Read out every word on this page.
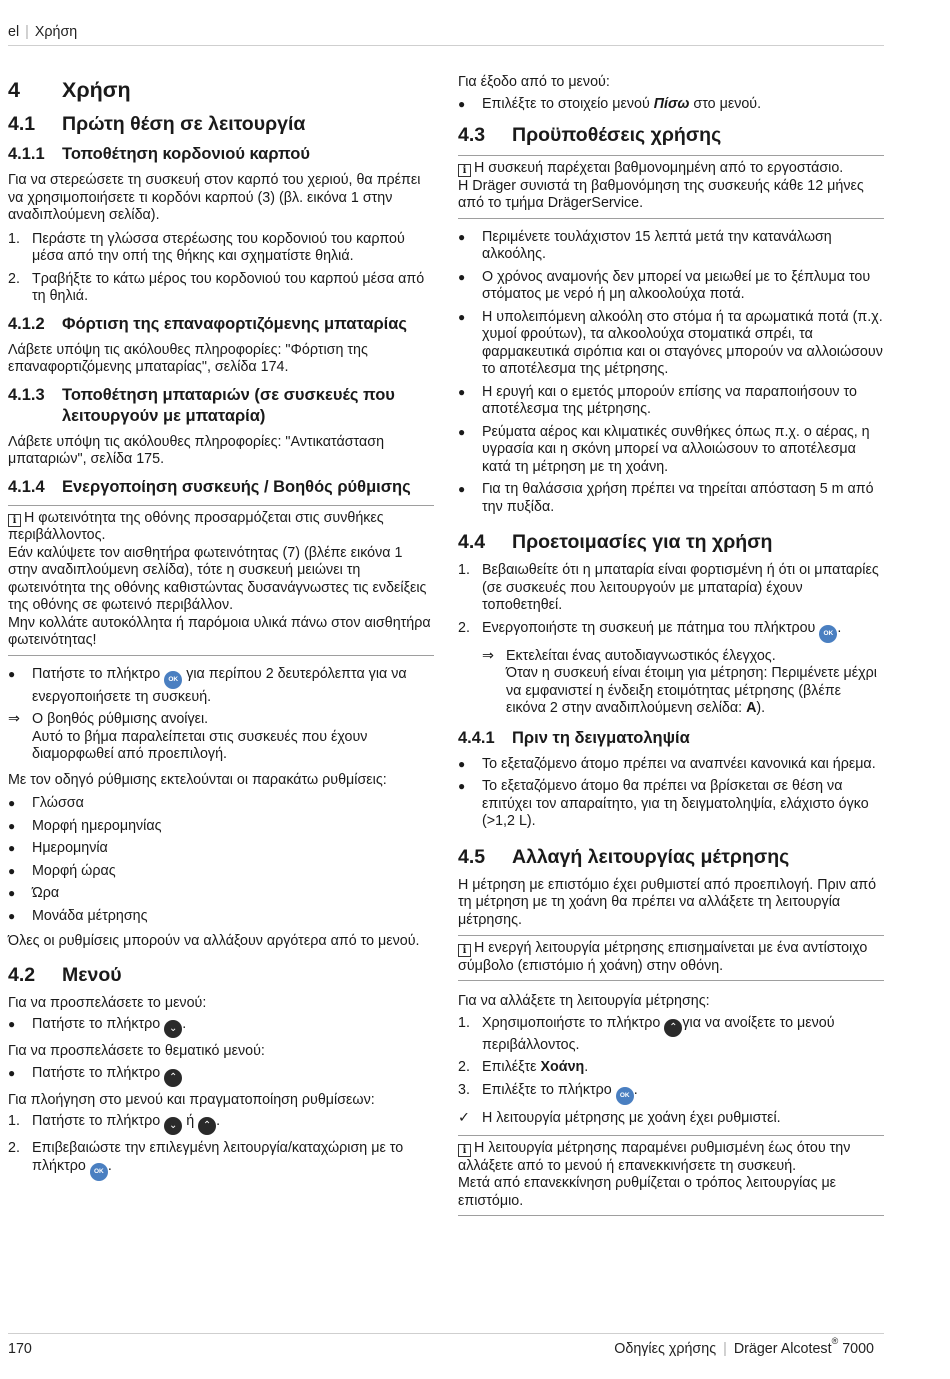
el | Χρήση
4	Χρήση
4.1	Πρώτη θέση σε λειτουργία
4.1.1	Τοποθέτηση κορδονιού καρπού

Για να στερεώσετε τη συσκευή στον καρπό του χεριού, θα πρέπει να χρησιμοποιήσετε τι κορδόνι καρπού (3) (βλ. εικόνα 1 στην αναδιπλούμενη σελίδα).

1. Περάστε τη γλώσσα στερέωσης του κορδονιού του καρπού μέσα από την οπή της θήκης και σχηματίστε θηλιά.
2. Τραβήξτε το κάτω μέρος του κορδονιού του καρπού μέσα από τη θηλιά.
4.1.2	Φόρτιση της επαναφορτιζόμενης μπαταρίας

Λάβετε υπόψη τις ακόλουθες πληροφορίες: "Φόρτιση της επαναφορτιζόμενης μπαταρίας", σελίδα 174.

4.1.3	Τοποθέτηση μπαταριών (σε συσκευές που λειτουργούν με μπαταρία)

Λάβετε υπόψη τις ακόλουθες πληροφορίες: "Αντικατάσταση μπαταριών", σελίδα 175.

4.1.4	Ενεργοποίηση συσκευής / Βοηθός ρύθμισης
i Η φωτεινότητα της οθόνης προσαρμόζεται στις συνθήκες περιβάλλοντος.
Εάν καλύψετε τον αισθητήρα φωτεινότητας (7) (βλέπε εικόνα 1 στην αναδιπλούμενη σελίδα), τότε η συσκευή μειώνει τη φωτεινότητα της οθόνης καθιστώντας δυσανάγνωστες τις ενδείξεις της οθόνης σε φωτεινό περιβάλλον.
Μην κολλάτε αυτοκόλλητα ή παρόμοια υλικά πάνω στον αισθητήρα φωτεινότητας!
●	Πατήστε το πλήκτρο OK για περίπου 2 δευτερόλεπτα για να ενεργοποιήσετε τη συσκευή.
⇒ Ο βοηθός ρύθμισης ανοίγει.
Αυτό το βήμα παραλείπεται στις συσκευές που έχουν διαμορφωθεί από προεπιλογή.

Με τον οδηγό ρύθμισης εκτελούνται οι παρακάτω ρυθμίσεις:

●	Γλώσσα
●	Μορφή ημερομηνίας
●	Ημερομηνία
●	Μορφή ώρας
●	Ώρα
●	Μονάδα μέτρησης

Όλες οι ρυθμίσεις μπορούν να αλλάξουν αργότερα από το μενού.

4.2	Μενού

Για να προσπελάσετε το μενού:

●	Πατήστε το πλήκτρο ⌄ .

Για να προσπελάσετε το θεματικό μενού:

●	Πατήστε το πλήκτρο ⌃

Για πλοήγηση στο μενού και πραγματοποίηση ρυθμίσεων:

1. Πατήστε το πλήκτρο ⌄ ή ⌃ .
2. Επιβεβαιώστε την επιλεγμένη λειτουργία/καταχώριση με το πλήκτρο OK .

Για έξοδο από το μενού:

●	Επιλέξτε το στοιχείο μενού Πίσω στο μενού.
4.3	Προϋποθέσεις χρήσης
i Η συσκευή παρέχεται βαθμονομημένη από το εργοστάσιο.
Η Dräger συνιστά τη βαθμονόμηση της συσκευής κάθε 12 μήνες από το τμήμα DrägerService.
●	Περιμένετε τουλάχιστον 15 λεπτά μετά την κατανάλωση αλκοόλης.
●	Ο χρόνος αναμονής δεν μπορεί να μειωθεί με το ξέπλυμα του στόματος με νερό ή μη αλκοολούχα ποτά.
●	Η υπολειπόμενη αλκοόλη στο στόμα ή τα αρωματικά ποτά (π.χ. χυμοί φρούτων), τα αλκοολούχα στοματικά σπρέι, τα φαρμακευτικά σιρόπια και οι σταγόνες μπορούν να αλλοιώσουν το αποτέλεσμα της μέτρησης.
●	Η ερυγή και ο εμετός μπορούν επίσης να παραποιήσουν το αποτέλεσμα της μέτρησης.
●	Ρεύματα αέρος και κλιματικές συνθήκες όπως π.χ. ο αέρας, η υγρασία και η σκόνη μπορεί να αλλοιώσουν το αποτέλεσμα κατά τη μέτρηση με τη χοάνη.
●	Για τη θαλάσσια χρήση πρέπει να τηρείται απόσταση 5 m από την πυξίδα.
4.4	Προετοιμασίες για τη χρήση
1. Βεβαιωθείτε ότι η μπαταρία είναι φορτισμένη ή ότι οι μπαταρίες (σε συσκευές που λειτουργούν με μπαταρία) έχουν τοποθετηθεί.
2. Ενεργοποιήστε τη συσκευή με πάτημα του πλήκτρου OK .
⇒ Εκτελείται ένας αυτοδιαγνωστικός έλεγχος.
Όταν η συσκευή είναι έτοιμη για μέτρηση: Περιμένετε μέχρι να εμφανιστεί η ένδειξη ετοιμότητας μέτρησης (βλέπε εικόνα 2 στην αναδιπλούμενη σελίδα: A).
4.4.1	Πριν τη δειγματοληψία
●	Το εξεταζόμενο άτομο πρέπει να αναπνέει κανονικά και ήρεμα.
●	Το εξεταζόμενο άτομο θα πρέπει να βρίσκεται σε θέση να επιτύχει τον απαραίτητο, για τη δειγματοληψία, ελάχιστο όγκο (>1,2 L).
4.5	Αλλαγή λειτουργίας μέτρησης

Η μέτρηση με επιστόμιο έχει ρυθμιστεί από προεπιλογή. Πριν από τη μέτρηση με τη χοάνη θα πρέπει να αλλάξετε τη λειτουργία μέτρησης.

i Η ενεργή λειτουργία μέτρησης επισημαίνεται με ένα αντίστοιχο σύμβολο (επιστόμιο ή χοάνη) στην οθόνη.

Για να αλλάξετε τη λειτουργία μέτρησης:

1. Χρησιμοποιήστε το πλήκτρο ⌃ για να ανοίξετε το μενού περιβάλλοντος.
2. Επιλέξτε Χοάνη.
3. Επιλέξτε το πλήκτρο OK .
✓ Η λειτουργία μέτρησης με χοάνη έχει ρυθμιστεί.
i Η λειτουργία μέτρησης παραμένει ρυθμισμένη έως ότου την αλλάξετε από το μενού ή επανεκκινήσετε τη συσκευή.
Μετά από επανεκκίνηση ρυθμίζεται ο τρόπος λειτουργίας με επιστόμιο.
170	Οδηγίες χρήσης | Dräger Alcotest® 7000
